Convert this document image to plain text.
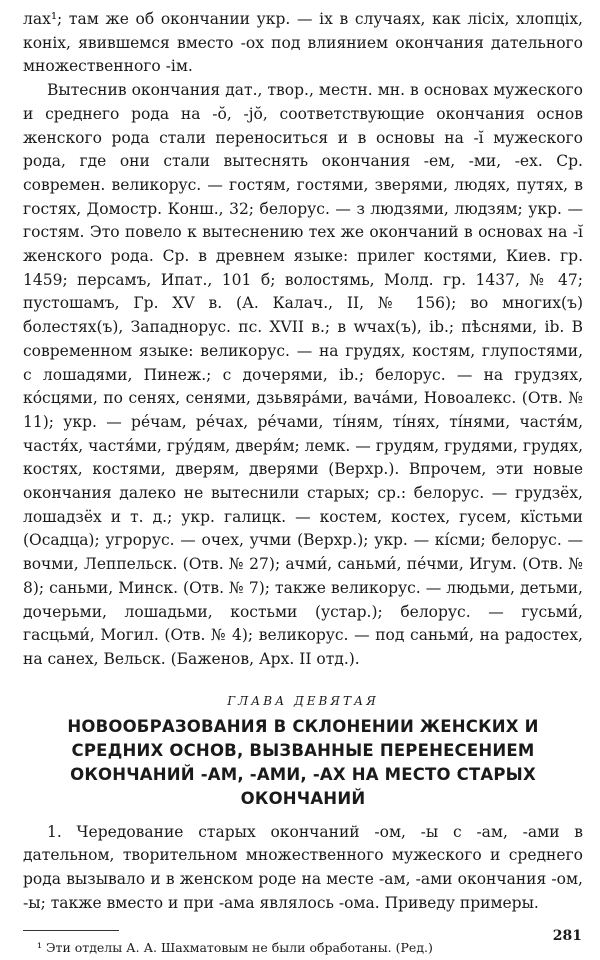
лах¹; там же об окончании укр. — iх в случаях, как лісіх, хлопціх, коніх, явившемся вместо -ох под влиянием окончания дательного множественного -ім.

Вытеснив окончания дат., твор., местн. мн. в основах мужеского и среднего рода на -ŏ, -jŏ, соответствующие окончания основ женского рода стали переноситься и в основы на -ĭ мужеского рода, где они стали вытеснять окончания -ем, -ми, -ех. Ср. современ. великорус. — гостям, гостями, зверями, людях, путях, в гостях, Домостр. Конш., 32; белорус. — з людзями, людзям; укр. — гостям. Это повело к вытеснению тех же окончаний в основах на -ĭ женского рода. Ср. в древнем языке: прилег костями, Киев. гр. 1459; персамъ, Ипат., 101 б; волостямь, Молд. гр. 1437, № 47; пустошамъ, Гр. XV в. (А. Калач., II, № 156); во многих(ъ) болестях(ъ), Западнорус. пс. XVII в.; в wчах(ъ), ib.; пѣснями, ib. В современном языке: великорус. — на грудях, костям, глупостями, с лошадями, Пинеж.; с дочерями, ib.; белорус. — на грудзях, кóсцями, по сенях, сенями, дзьвярáми, вачáми, Новоалекс. (Отв. № 11); укр. — рéчам, рéчах, рéчами, тíням, тíнях, тíнями, частя́м, частя́х, частя́ми, гру́дям, дверя́м; лемк. — грудям, грудями, грудях, костях, костями, дверям, дверями (Верхр.). Впрочем, эти новые окончания далеко не вытеснили старых; ср.: белорус. — грудзёх, лошадзёх и т. д.; укр. галицк. — костем, костех, гусем, кїстьми (Осадца); угрорус. — очех, учми (Верхр.); укр. — кíсми; белорус. — вочми, Леппельск. (Отв. № 27); ачми́, саньми́, пéчми, Игум. (Отв. № 8); саньми, Минск. (Отв. № 7); также великорус. — людьми, детьми, дочерьми, лошадьми, костьми (устар.); белорус. — гусьми́, гасцьми́, Могил. (Отв. № 4); великорус. — под саньми́, на радостех, на санех, Вельск. (Баженов, Арх. II отд.).

ГЛАВА ДЕВЯТАЯ
НОВООБРАЗОВАНИЯ В СКЛОНЕНИИ ЖЕНСКИХ И СРЕДНИХ ОСНОВ, ВЫЗВАННЫЕ ПЕРЕНЕСЕНИЕМ ОКОНЧАНИЙ -АМ, -АМИ, -АХ НА МЕСТО СТАРЫХ ОКОНЧАНИЙ

1. Чередование старых окончаний -ом, -ы с -ам, -ами в дательном, творительном множественного мужеского и среднего рода вызывало и в женском роде на месте -ам, -ами окончания -ом, -ы; также вместо и при -ама являлось -ома. Приведу примеры.

¹ Эти отделы А. А. Шахматовым не были обработаны. (Ред.)

281
